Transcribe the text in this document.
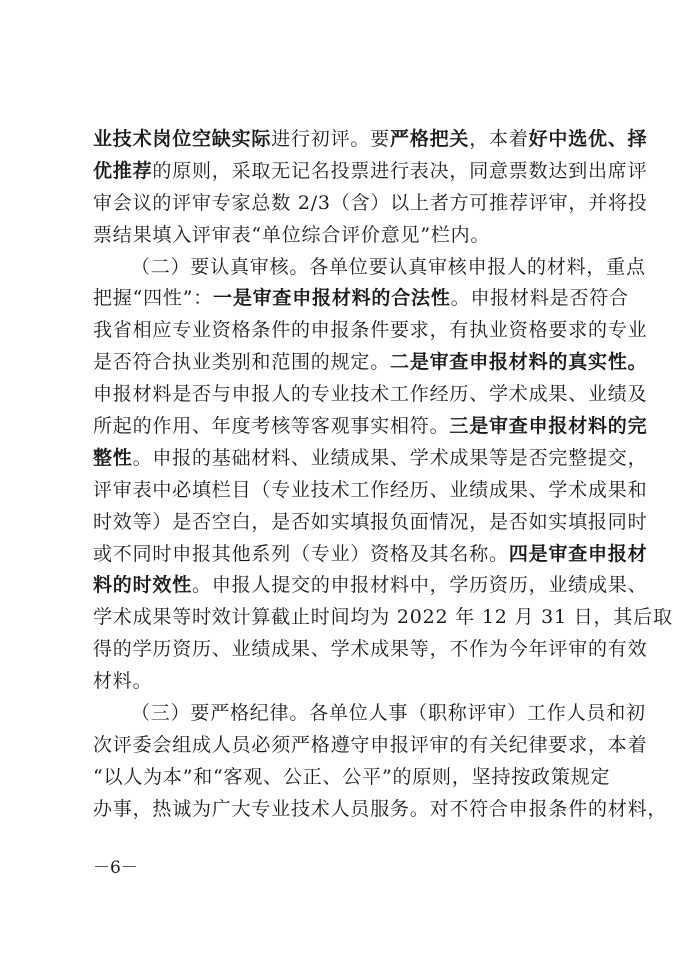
业技术岗位空缺实际进行初评。要严格把关，本着好中选优、择
优推荐的原则，采取无记名投票进行表决，同意票数达到出席评
审会议的评审专家总数 2/3（含）以上者方可推荐评审，并将投
票结果填入评审表“单位综合评价意见”栏内。
（二）要认真审核。各单位要认真审核申报人的材料，重点
把握“四性”：一是审查申报材料的合法性。申报材料是否符合
我省相应专业资格条件的申报条件要求，有执业资格要求的专业
是否符合执业类别和范围的规定。二是审查申报材料的真实性。
申报材料是否与申报人的专业技术工作经历、学术成果、业绩及
所起的作用、年度考核等客观事实相符。三是审查申报材料的完
整性。申报的基础材料、业绩成果、学术成果等是否完整提交，
评审表中必填栏目（专业技术工作经历、业绩成果、学术成果和
时效等）是否空白，是否如实填报负面情况，是否如实填报同时
或不同时申报其他系列（专业）资格及其名称。四是审查申报材
料的时效性。申报人提交的申报材料中，学历资历，业绩成果、
学术成果等时效计算截止时间均为 2022 年 12 月 31 日，其后取
得的学历资历、业绩成果、学术成果等，不作为今年评审的有效
材料。
（三）要严格纪律。各单位人事（职称评审）工作人员和初
次评委会组成人员必须严格遵守申报评审的有关纪律要求，本着
“以人为本”和“客观、公正、公平”的原则，坚持按政策规定
办事，热诚为广大专业技术人员服务。对不符合申报条件的材料，
－6－
